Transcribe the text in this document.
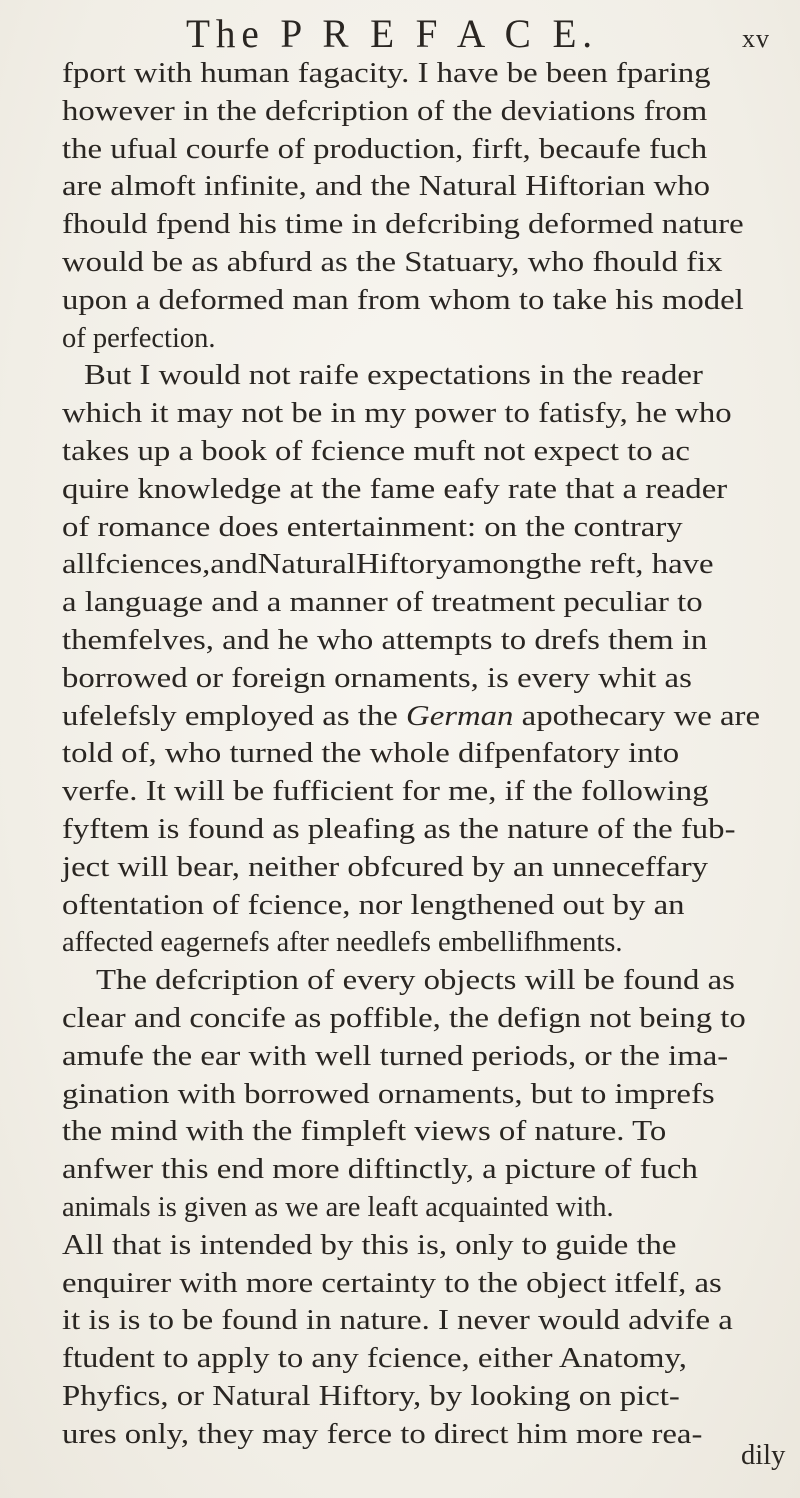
The P R E F A C E.	xv
fport with human fagacity. I have be been fparing
however in the defcription of the deviations from
the ufual courfe of production, firft, becaufe fuch
are almoft infinite, and the Natural Hiftorian who
fhould fpend his time in defcribing deformed nature
would be as abfurd as the Statuary, who fhould fix
upon a deformed man from whom to take his model
of perfection.
But I would not raife expectations in the reader
which it may not be in my power to fatisfy, he who
takes up a book of fcience muft not expect to ac
quire knowledge at the fame eafy rate that a reader
of romance does entertainment: on the contrary
allfciences,andNaturalHiftoryamongthe reft, have
a language and a manner of treatment peculiar to
themfelves, and he who attempts to drefs them in
borrowed or foreign ornaments, is every whit as
ufelefsly employed as the German apothecary we are
told of, who turned the whole difpenfatory into
verfe. It will be fufficient for me, if the following
fyftem is found as pleafing as the nature of the fub-
ject will bear, neither obfcured by an unneceffary
oftentation of fcience, nor lengthened out by an
affected eagernefs after needlefs embellifhments.
The defcription of every objects will be found as
clear and concife as poffible, the defign not being to
amufe the ear with well turned periods, or the ima-
gination with borrowed ornaments, but to imprefs
the mind with the fimpleft views of nature. To
anfwer this end more diftinctly, a picture of fuch
animals is given as we are leaft acquainted with.
All that is intended by this is, only to guide the
enquirer with more certainty to the object itfelf, as
it is is to be found in nature. I never would advife a
ftudent to apply to any fcience, either Anatomy,
Phyfics, or Natural Hiftory, by looking on pict-
ures only, they may ferce to direct him more rea-
dily
